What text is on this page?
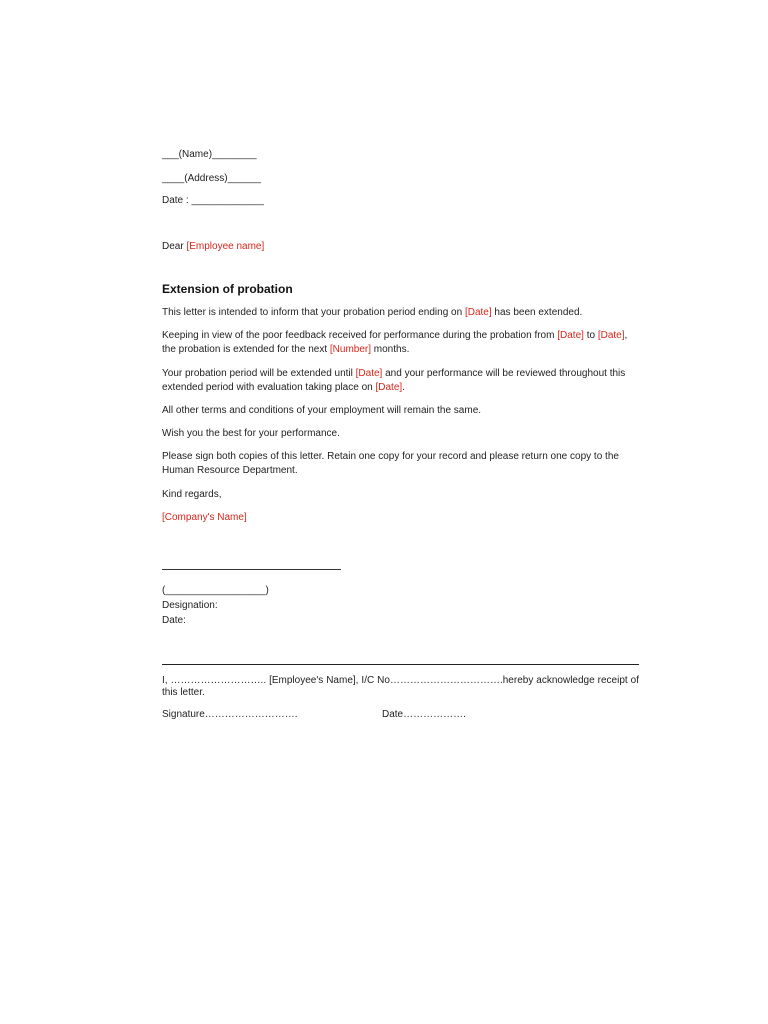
___(Name)________
____(Address)______
Date : _____________
Dear [Employee name]
Extension of probation
This letter is intended to inform that your probation period ending on [Date] has been extended.
Keeping in view of the poor feedback received for performance during the probation from [Date] to [Date], the probation is extended for the next [Number] months.
Your probation period will be extended until [Date] and your performance will be reviewed throughout this extended period with evaluation taking place on [Date].
All other terms and conditions of your employment will remain the same.
Wish you the best for your performance.
Please sign both copies of this letter. Retain one copy for your record and please return one copy to the Human Resource Department.
Kind regards,
[Company's Name]
(__________________)
Designation:
Date:
I, ……………………….. [Employee's Name], I/C No…………………………….hereby acknowledge receipt of this letter.
Signature……………………….	Date……………….
